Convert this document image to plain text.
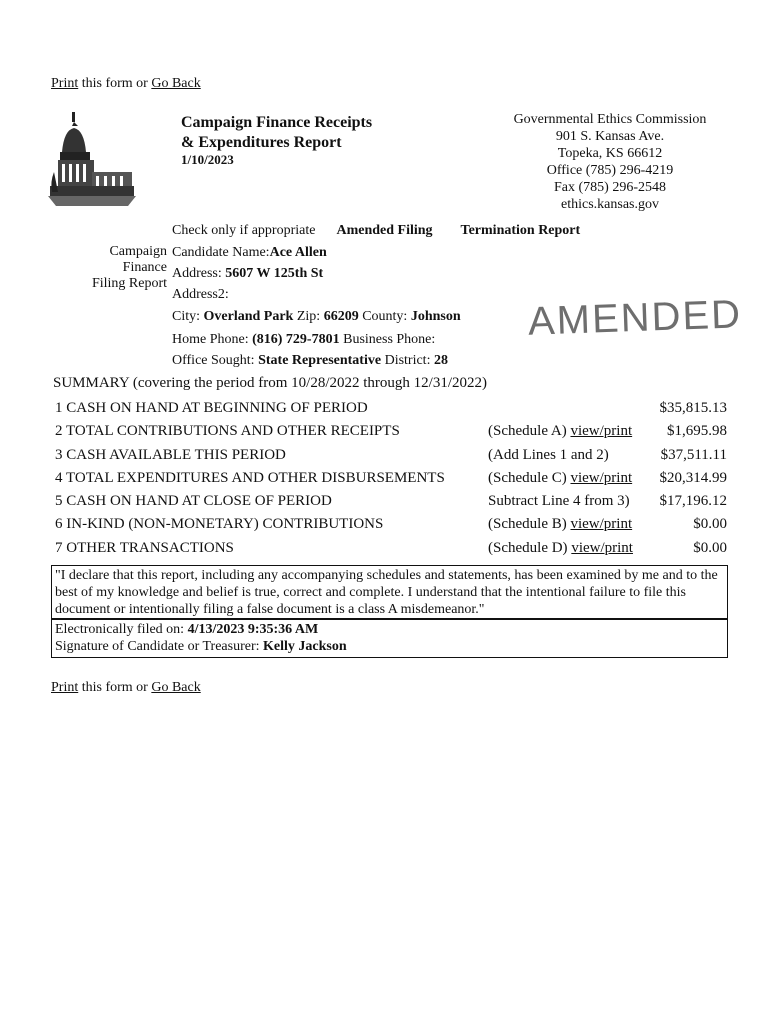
Print this form or Go Back
Campaign Finance Receipts
& Expenditures Report
1/10/2023
Governmental Ethics Commission
901 S. Kansas Ave.
Topeka, KS 66612
Office (785) 296-4219
Fax (785) 296-2548
ethics.kansas.gov
Check only if appropriate Amended Filing Termination Report
Campaign
Finance
Filing Report
Candidate Name:Ace Allen
Address: 5607 W 125th St
Address2:
City: Overland Park Zip: 66209 County: Johnson
Home Phone: (816) 729-7801 Business Phone:
Office Sought: State Representative District: 28
AMENDED
SUMMARY (covering the period from 10/28/2022 through 12/31/2022)
1 CASH ON HAND AT BEGINNING OF PERIOD	$35,815.13
2 TOTAL CONTRIBUTIONS AND OTHER RECEIPTS	(Schedule A) view/print $1,695.98
3 CASH AVAILABLE THIS PERIOD	(Add Lines 1 and 2)	$37,511.11
4 TOTAL EXPENDITURES AND OTHER DISBURSEMENTS	(Schedule C) view/print $20,314.99
5 CASH ON HAND AT CLOSE OF PERIOD	Subtract Line 4 from 3) $17,196.12
6 IN-KIND (NON-MONETARY) CONTRIBUTIONS	(Schedule B) view/print	$0.00
7 OTHER TRANSACTIONS	(Schedule D) view/print	$0.00
"I declare that this report, including any accompanying schedules and statements, has been examined by me and to the best of my knowledge and belief is true, correct and complete. I understand that the intentional failure to file this document or intentionally filing a false document is a class A misdemeanor."
Electronically filed on: 4/13/2023 9:35:36 AM
Signature of Candidate or Treasurer: Kelly Jackson
Print this form or Go Back
